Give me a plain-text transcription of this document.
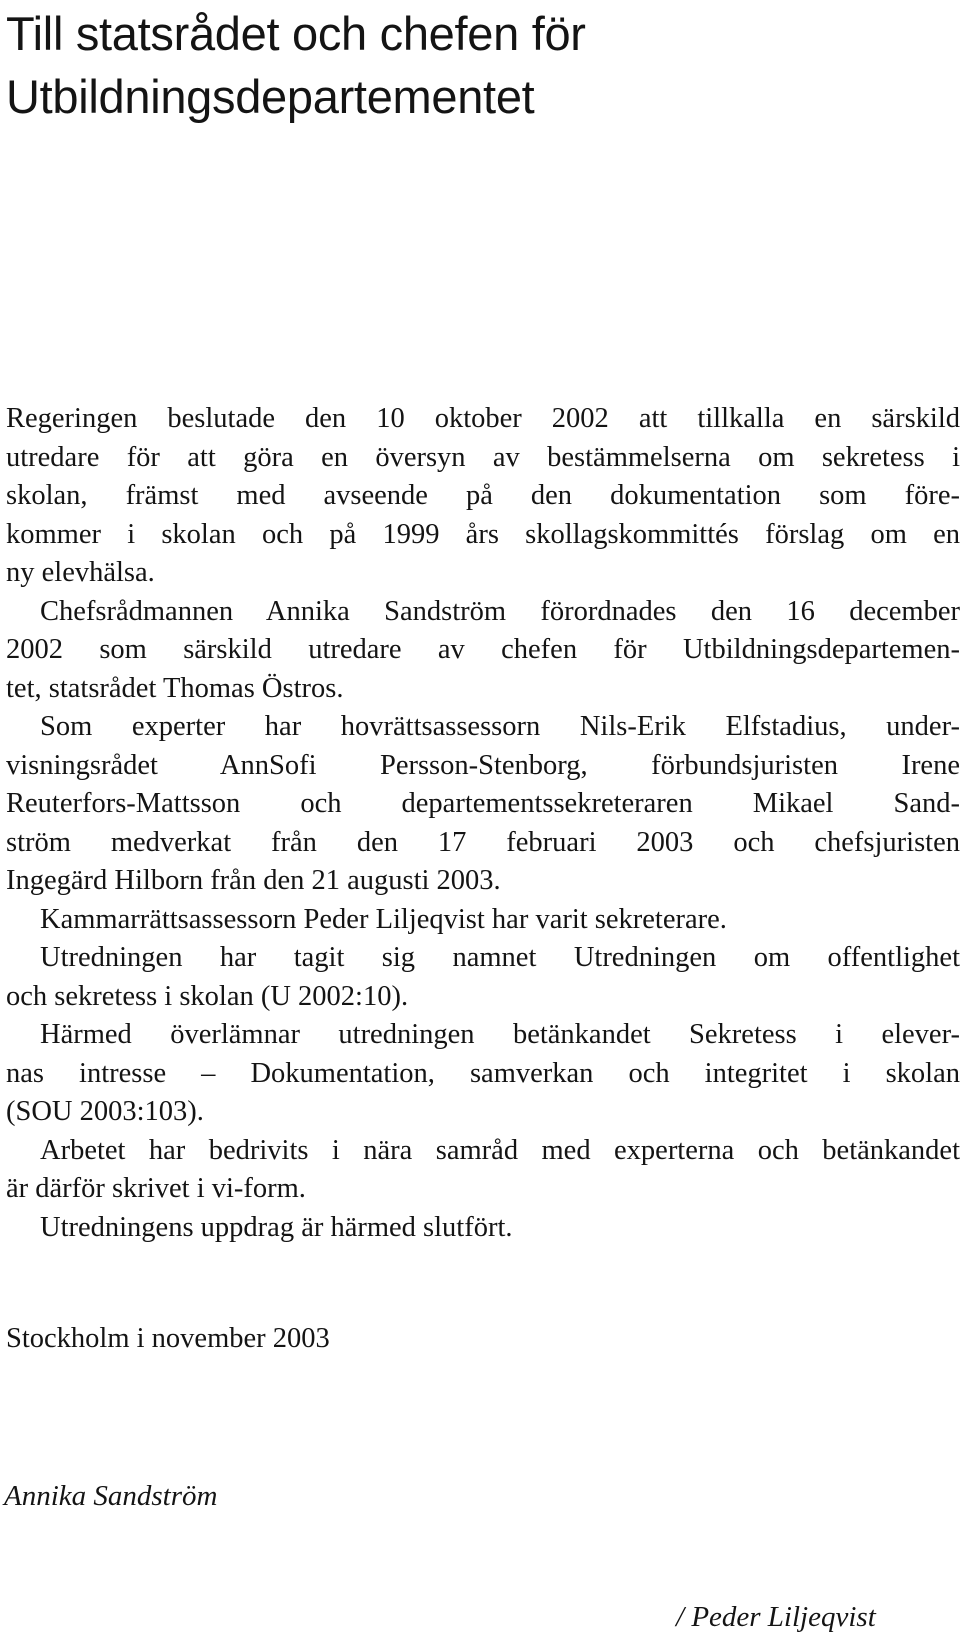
Till statsrådet och chefen för
Utbildningsdepartementet
Regeringen beslutade den 10 oktober 2002 att tillkalla en särskild
utredare för att göra en översyn av bestämmelserna om sekretess i
skolan, främst med avseende på den dokumentation som före-
kommer i skolan och på 1999 års skollagskommittés förslag om en
ny elevhälsa.
Chefsrådmannen Annika Sandström förordnades den 16 december
2002 som särskild utredare av chefen för Utbildningsdepartemen-
tet, statsrådet Thomas Östros.
Som experter har hovrättsassessorn Nils-Erik Elfstadius, under-
visningsrådet AnnSofi Persson-Stenborg, förbundsjuristen Irene
Reuterfors-Mattsson och departementssekreteraren Mikael Sand-
ström medverkat från den 17 februari 2003 och chefsjuristen
Ingegärd Hilborn från den 21 augusti 2003.
Kammarrättsassessorn Peder Liljeqvist har varit sekreterare.
Utredningen har tagit sig namnet Utredningen om offentlighet
och sekretess i skolan (U 2002:10).
Härmed överlämnar utredningen betänkandet Sekretess i elever-
nas intresse – Dokumentation, samverkan och integritet i skolan
(SOU 2003:103).
Arbetet har bedrivits i nära samråd med experterna och betänkandet
är därför skrivet i vi-form.
Utredningens uppdrag är härmed slutfört.
Stockholm i november 2003
Annika Sandström
/ Peder Liljeqvist
